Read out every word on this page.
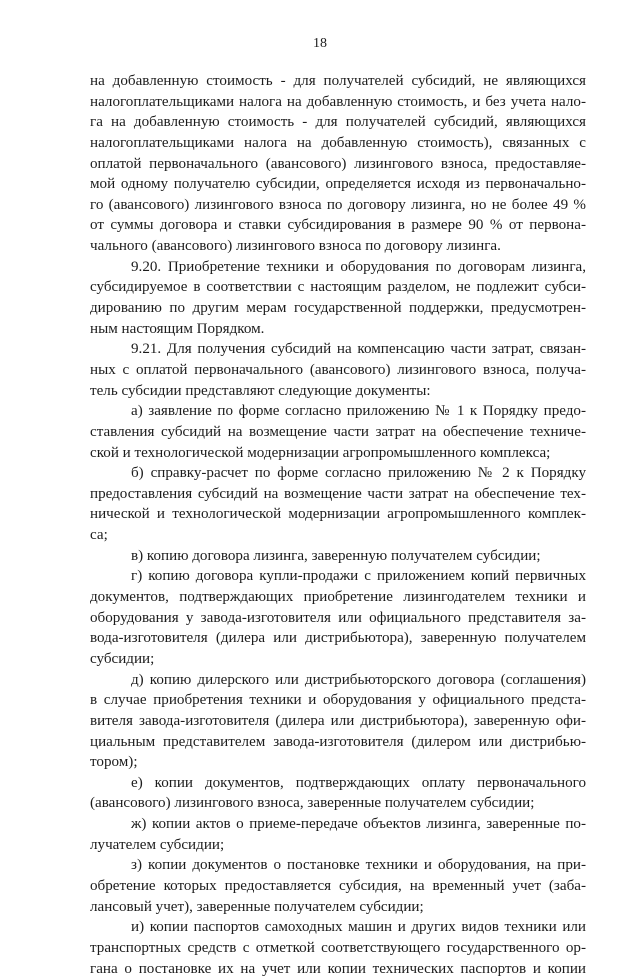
18
на добавленную стоимость - для получателей субсидий, не являющихся
налогоплательщиками налога на добавленную стоимость, и без учета нало-
га на добавленную стоимость - для получателей субсидий, являющихся
налогоплательщиками налога на добавленную стоимость), связанных с
оплатой первоначального (авансового) лизингового взноса, предоставляе-
мой одному получателю субсидии, определяется исходя из первоначально-
го (авансового) лизингового взноса по договору лизинга, но не более 49 %
от суммы договора и ставки субсидирования в размере 90 % от первона-
чального (авансового) лизингового взноса по договору лизинга.
9.20. Приобретение техники и оборудования по договорам лизинга,
субсидируемое в соответствии с настоящим разделом, не подлежит субси-
дированию по другим мерам государственной поддержки, предусмотрен-
ным настоящим Порядком.
9.21. Для получения субсидий на компенсацию части затрат, связан-
ных с оплатой первоначального (авансового) лизингового взноса, получа-
тель субсидии представляют следующие документы:
а) заявление по форме согласно приложению № 1 к Порядку предо-
ставления субсидий на возмещение части затрат на обеспечение техниче-
ской и технологической модернизации агропромышленного комплекса;
б) справку-расчет по форме согласно приложению № 2 к Порядку
предоставления субсидий на возмещение части затрат на обеспечение тех-
нической и технологической модернизации агропромышленного комплек-
са;
в) копию договора лизинга, заверенную получателем субсидии;
г) копию договора купли-продажи с приложением копий первичных
документов, подтверждающих приобретение лизингодателем техники и
оборудования у завода-изготовителя или официального представителя за-
вода-изготовителя (дилера или дистрибьютора), заверенную получателем
субсидии;
д) копию дилерского или дистрибьюторского договора (соглашения)
в случае приобретения техники и оборудования у официального предста-
вителя завода-изготовителя (дилера или дистрибьютора), заверенную офи-
циальным представителем завода-изготовителя (дилером или дистрибью-
тором);
е) копии документов, подтверждающих оплату первоначального
(авансового) лизингового взноса, заверенные получателем субсидии;
ж) копии актов о приеме-передаче объектов лизинга, заверенные по-
лучателем субсидии;
з) копии документов о постановке техники и оборудования, на при-
обретение которых предоставляется субсидия, на временный учет (заба-
лансовый учет), заверенные получателем субсидии;
и) копии паспортов самоходных машин и других видов техники или
транспортных средств с отметкой соответствующего государственного ор-
гана о постановке их на учет или копии технических паспортов и копии
